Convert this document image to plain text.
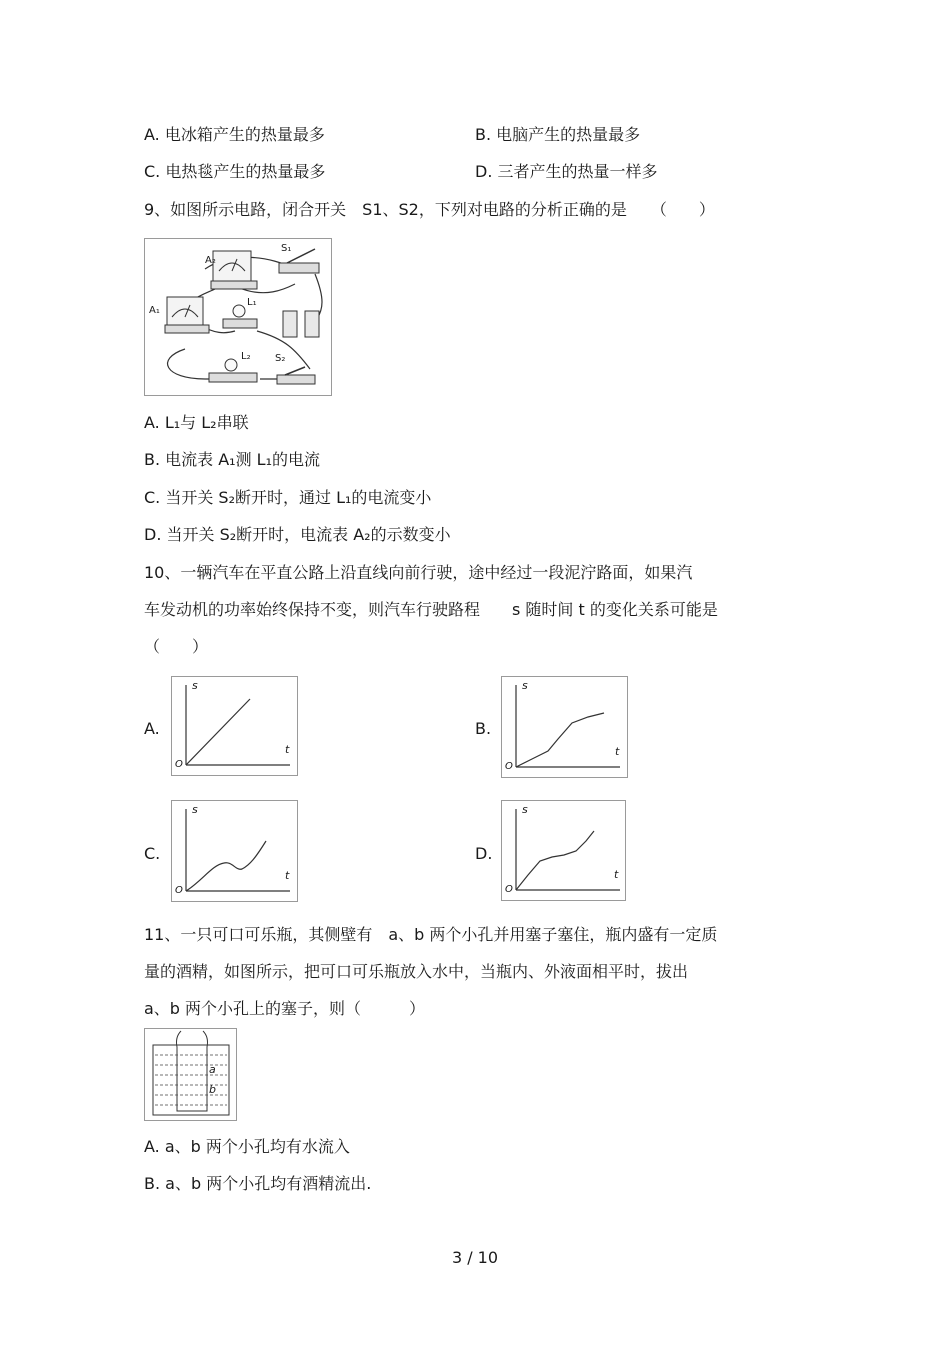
A. 电冰箱产生的热量最多	B. 电脑产生的热量最多
C. 电热毯产生的热量最多	D. 三者产生的热量一样多
9、如图所示电路，闭合开关　S1、S2，下列对电路的分析正确的是　　（　　）
A₂
A₁
S₁
L₁
L₂ S₂
A. L₁与 L₂串联
B. 电流表 A₁测 L₁的电流
C. 当开关 S₂断开时，通过 L₁的电流变小
D. 当开关 S₂断开时，电流表 A₂的示数变小
10、一辆汽车在平直公路上沿直线向前行驶，途中经过一段泥泞路面，如果汽
车发动机的功率始终保持不变，则汽车行驶路程　　s 随时间 t 的变化关系可能是
（　　）
A.
s
t
O
B.
s
t
O
C.
s
t
O
D.
s
t
O
11、一只可口可乐瓶，其侧壁有　a、b 两个小孔并用塞子塞住，瓶内盛有一定质
量的酒精，如图所示，把可口可乐瓶放入水中，当瓶内、外液面相平时，拔出
a、b 两个小孔上的塞子，则（　　　）
a
b
A. a、b 两个小孔均有水流入
B. a、b 两个小孔均有酒精流出.
3 / 10
